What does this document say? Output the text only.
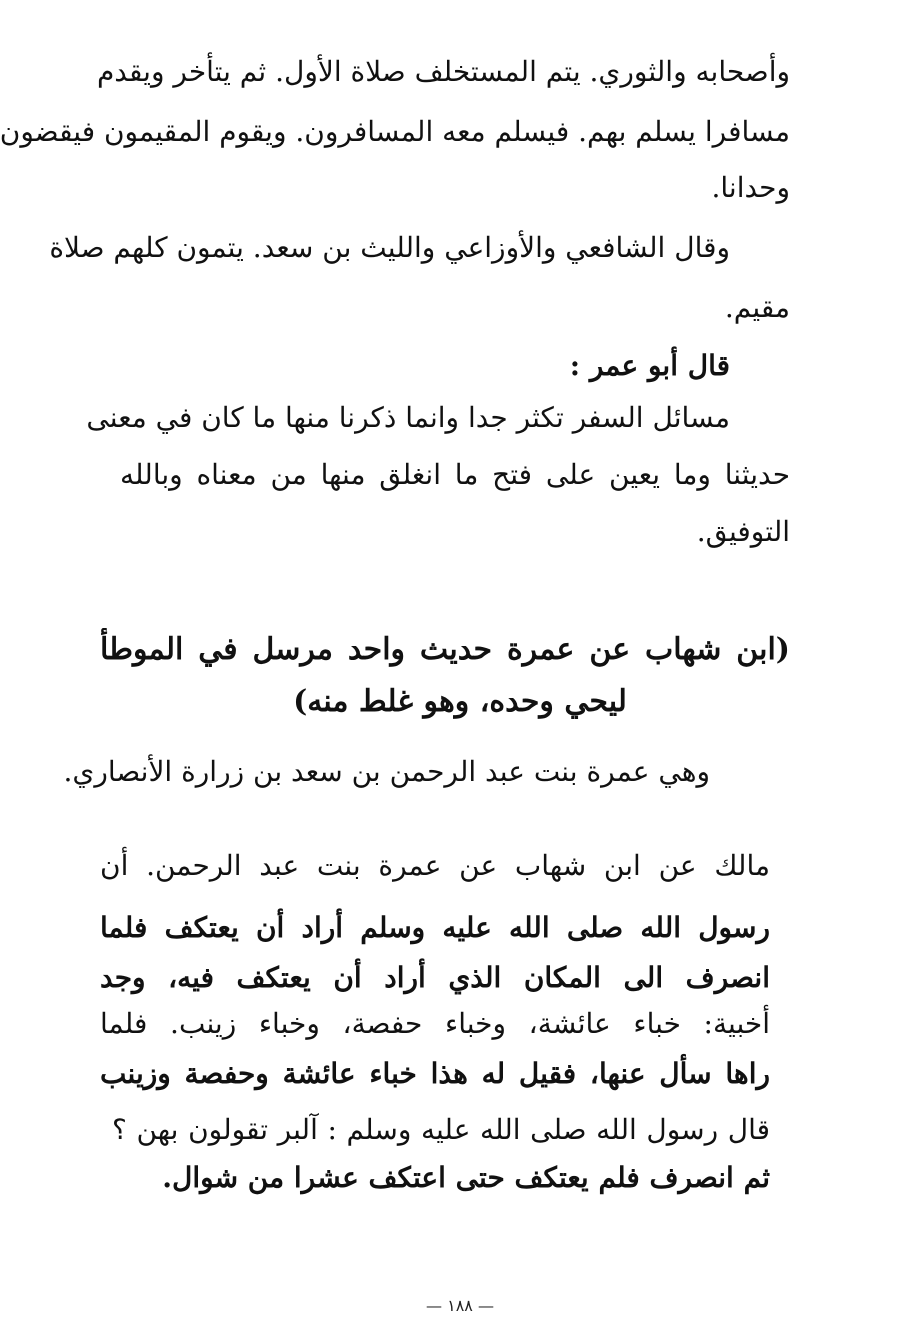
وأصحابه والثوري. يتم المستخلف صلاة الأول. ثم يتأخر ويقدم
مسافرا يسلم بهم. فيسلم معه المسافرون. ويقوم المقيمون فيقضون
وحدانا.
وقال الشافعي والأوزاعي والليث بن سعد. يتمون كلهم صلاة
مقيم.
قال أبو عمر :
مسائل السفر تكثر جدا وانما ذكرنا منها ما كان في معنى
حديثنا وما يعين على فتح ما انغلق منها من معناه وبالله
التوفيق.
(ابن شهاب عن عمرة حديث واحد مرسل في الموطأ
ليحي وحده، وهو غلط منه)
وهي عمرة بنت عبد الرحمن بن سعد بن زرارة الأنصاري.
مالك عن ابن شهاب عن عمرة بنت عبد الرحمن. أن
رسول الله صلى الله عليه وسلم أراد أن يعتكف فلما
انصرف الى المكان الذي أراد أن يعتكف فيه، وجد
أخبية: خباء عائشة، وخباء حفصة، وخباء زينب. فلما
راها سأل عنها، فقيل له هذا خباء عائشة وحفصة وزينب
قال رسول الله صلى الله عليه وسلم : آلبر تقولون بهن ؟
ثم انصرف فلم يعتكف حتى اعتكف عشرا من شوال.
— ١٨٨ —
